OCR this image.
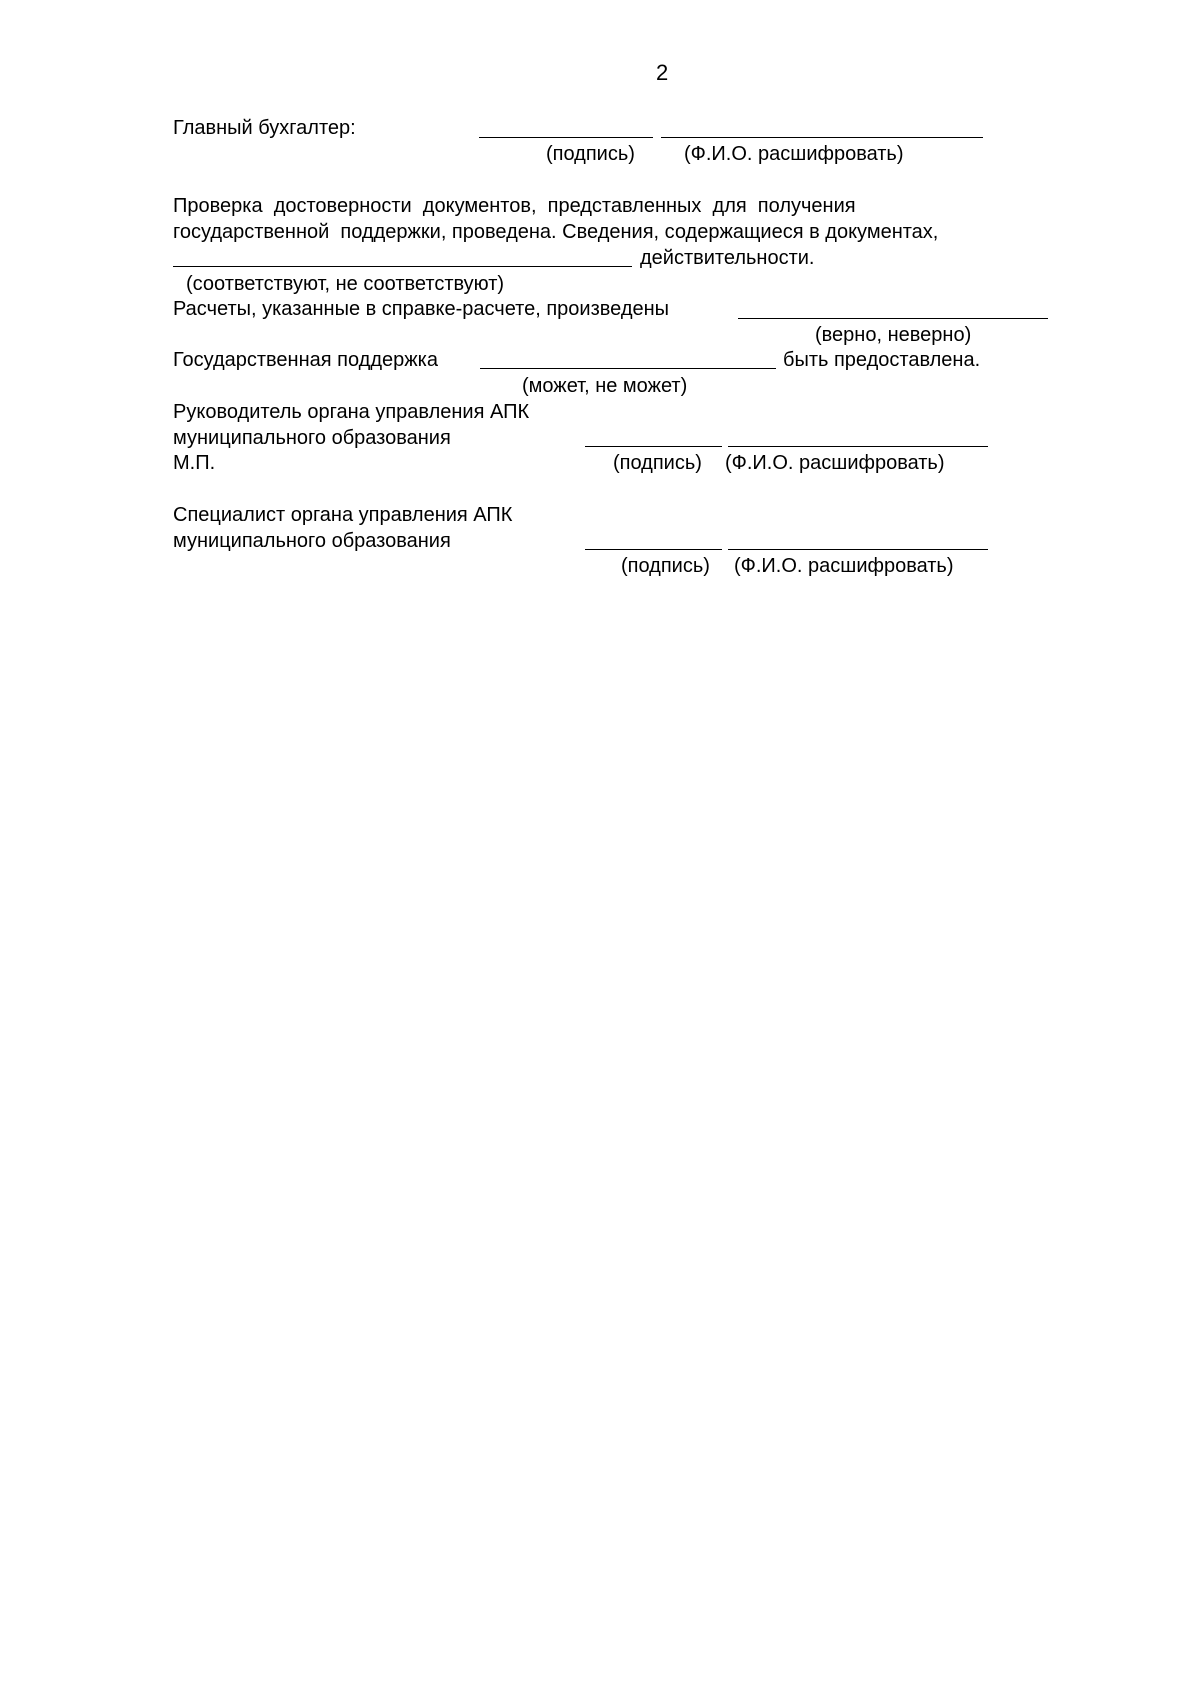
2
Главный бухгалтер:
(подпись) (Ф.И.О. расшифровать)
Проверка  достоверности  документов,  представленных  для  получения
государственной  поддержки, проведена. Сведения, содержащиеся в документах,
действительности.
(соответствуют, не соответствуют)
Расчеты, указанные в справке-расчете, произведены
(верно, неверно)
Государственная поддержка	быть предоставлена.
(может, не может)
Руководитель органа управления АПК
муниципального образования
М.П.	(подпись) (Ф.И.О. расшифровать)
Специалист органа управления АПК
муниципального образования
(подпись) (Ф.И.О. расшифровать)
